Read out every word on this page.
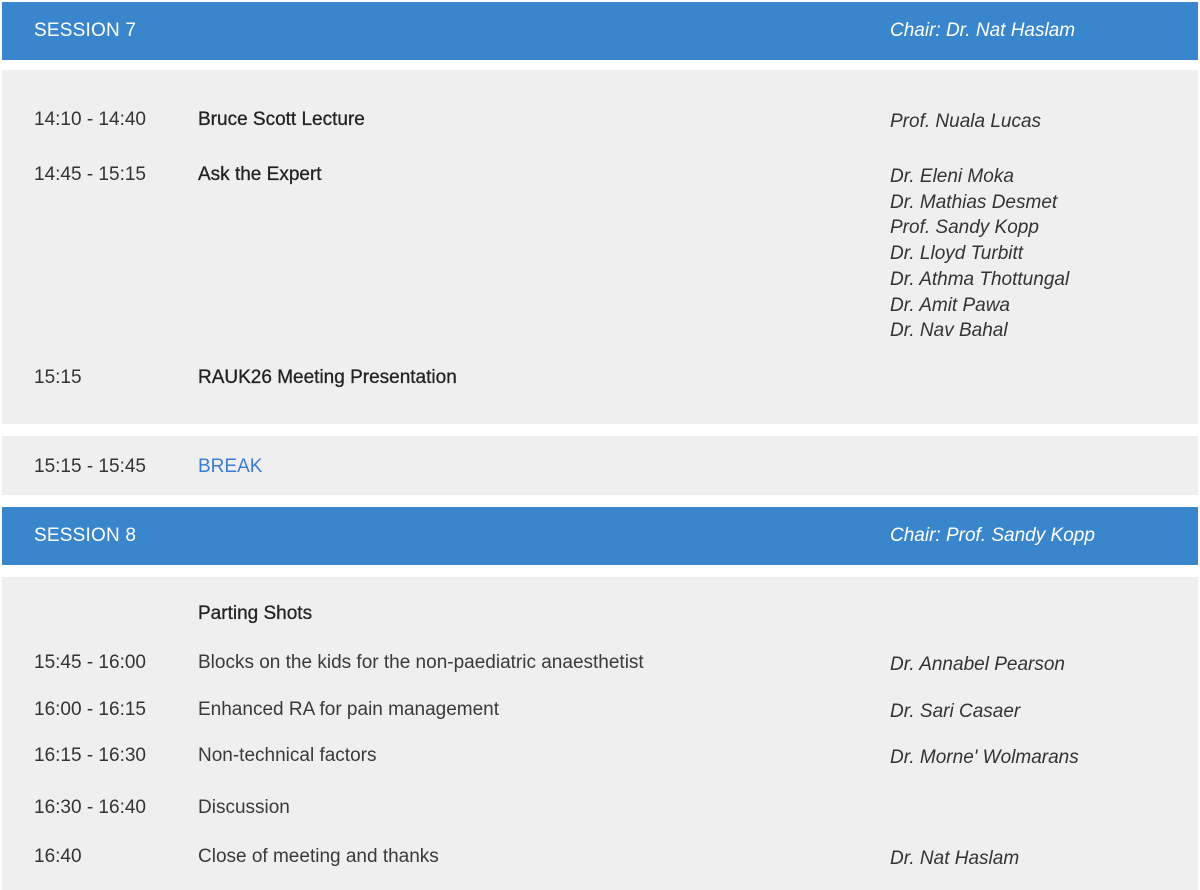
SESSION 7	Chair: Dr. Nat Haslam
14:10 - 14:40	Bruce Scott Lecture	Prof. Nuala Lucas
14:45 - 15:15	Ask the Expert	Dr. Eleni Moka
Dr. Mathias Desmet
Prof. Sandy Kopp
Dr. Lloyd Turbitt
Dr. Athma Thottungal
Dr. Amit Pawa
Dr. Nav Bahal
15:15	RAUK26 Meeting Presentation
15:15 - 15:45	BREAK
SESSION 8	Chair: Prof. Sandy Kopp
Parting Shots
15:45 - 16:00	Blocks on the kids for the non-paediatric anaesthetist	Dr. Annabel Pearson
16:00 - 16:15	Enhanced RA for pain management	Dr. Sari Casaer
16:15 - 16:30	Non-technical factors	Dr. Morne' Wolmarans
16:30 - 16:40	Discussion
16:40	Close of meeting and thanks	Dr. Nat Haslam
